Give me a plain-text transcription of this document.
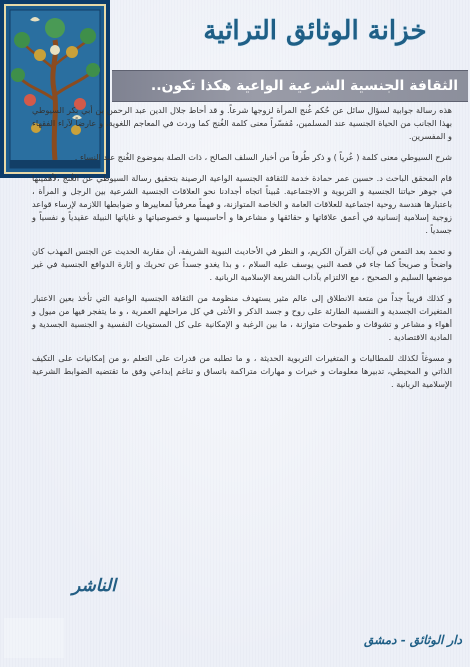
خزانة الوثائق التراثية
الثقافة الجنسية الشرعية الواعية هكذا تكون..

هذه رسالة جوابية لسؤال سائل عن حُكم غُنج المرأة لزوجها شرعاً. و قد أحاط جلال الدين عبد الرحمن بن أبي بكر السيوطي بهذا الجانب من الحياة الجنسية عند المسلمين، مُفسّراً معنى كلمة الغُنج كما وردت في المعاجم اللغوية، و عارضاً لآراء الفقهاء و المفسرين.

شرح السيوطي معنى كلمة ( عُرباً ) و ذكر طُرفاً من أخبار السلف الصالح ، ذات الصلة بموضوع الغُنج عند النساء .

قام المحقق الباحث د. حسين عمر حمادة خدمة للثقافة الجنسية الواعية الرصينة بتحقيق رسالة السيوطي عن الغُنج ،لأهميتها في جوهر حياتنا الجنسية و التربوية و الاجتماعية. مُبيناً اتجاه أجدادنا نحو العلاقات الجنسية الشرعية بين الرجل و المرأة ، باعتبارها هندسة روحية اجتماعية للعلاقات العامة و الخاصة المتوازنة، و فهماً معرفياً لمعاييرها و ضوابطها اللازمة لإرساء قواعد زوجية إسلامية إنسانية في أعمق علاقاتها و حقائقها و مشاعرها و أحاسيسها و خصوصياتها و غاياتها النبيلة عقيدياً و نفسياً و جسدياً .

و تحمد بعد التمعن في آيات القرآن الكريم، و النظر في الأحاديث النبوية الشريفة، أن مقاربة الحديث عن الجنس المهذب كان واضحاً و صريحاً كما جاء في قصة النبي يوسف عليه السلام ، و بذا يغدو جسداً عن تحريك و إثارة الدوافع الجنسية في غير موضعها السليم و الصحيح ، مع الالتزام بآداب الشريعة الإسلامية الربانية .

و كذلك قريباً جداً من متعة الانطلاق إلى عالم مثير يستهدف منظومة من الثقافة الجنسية الواعية التي تأخذ بعين الاعتبار المتغيرات الجسدية و النفسية الطارئة على روح و جسد الذكر و الأنثى في كل مراحلهم العمرية ، و ما يتفجر فيها من ميول و أهواء و مشاعر و تشوقات و طموحات متوازنة ، ما بين الرغبة و الإمكانية على كل المستويات النفسية و الجنسية الجسدية و المادية الاقتصادية .

و مسوغاً لكذلك للمطالبات و المتغيرات التربوية الحديثة ، و ما تطلبه من قدرات على التعلم ،و من إمكانيات على التكيف الذاتي و المحيطي، تدبيرها معلومات و خبرات و مهارات متراكمة باتساق و تناغم إبداعي وفق ما تقتضيه الضوابط الشرعية الإسلامية الربانية .

الناشر
دار الوثائق - دمشق
